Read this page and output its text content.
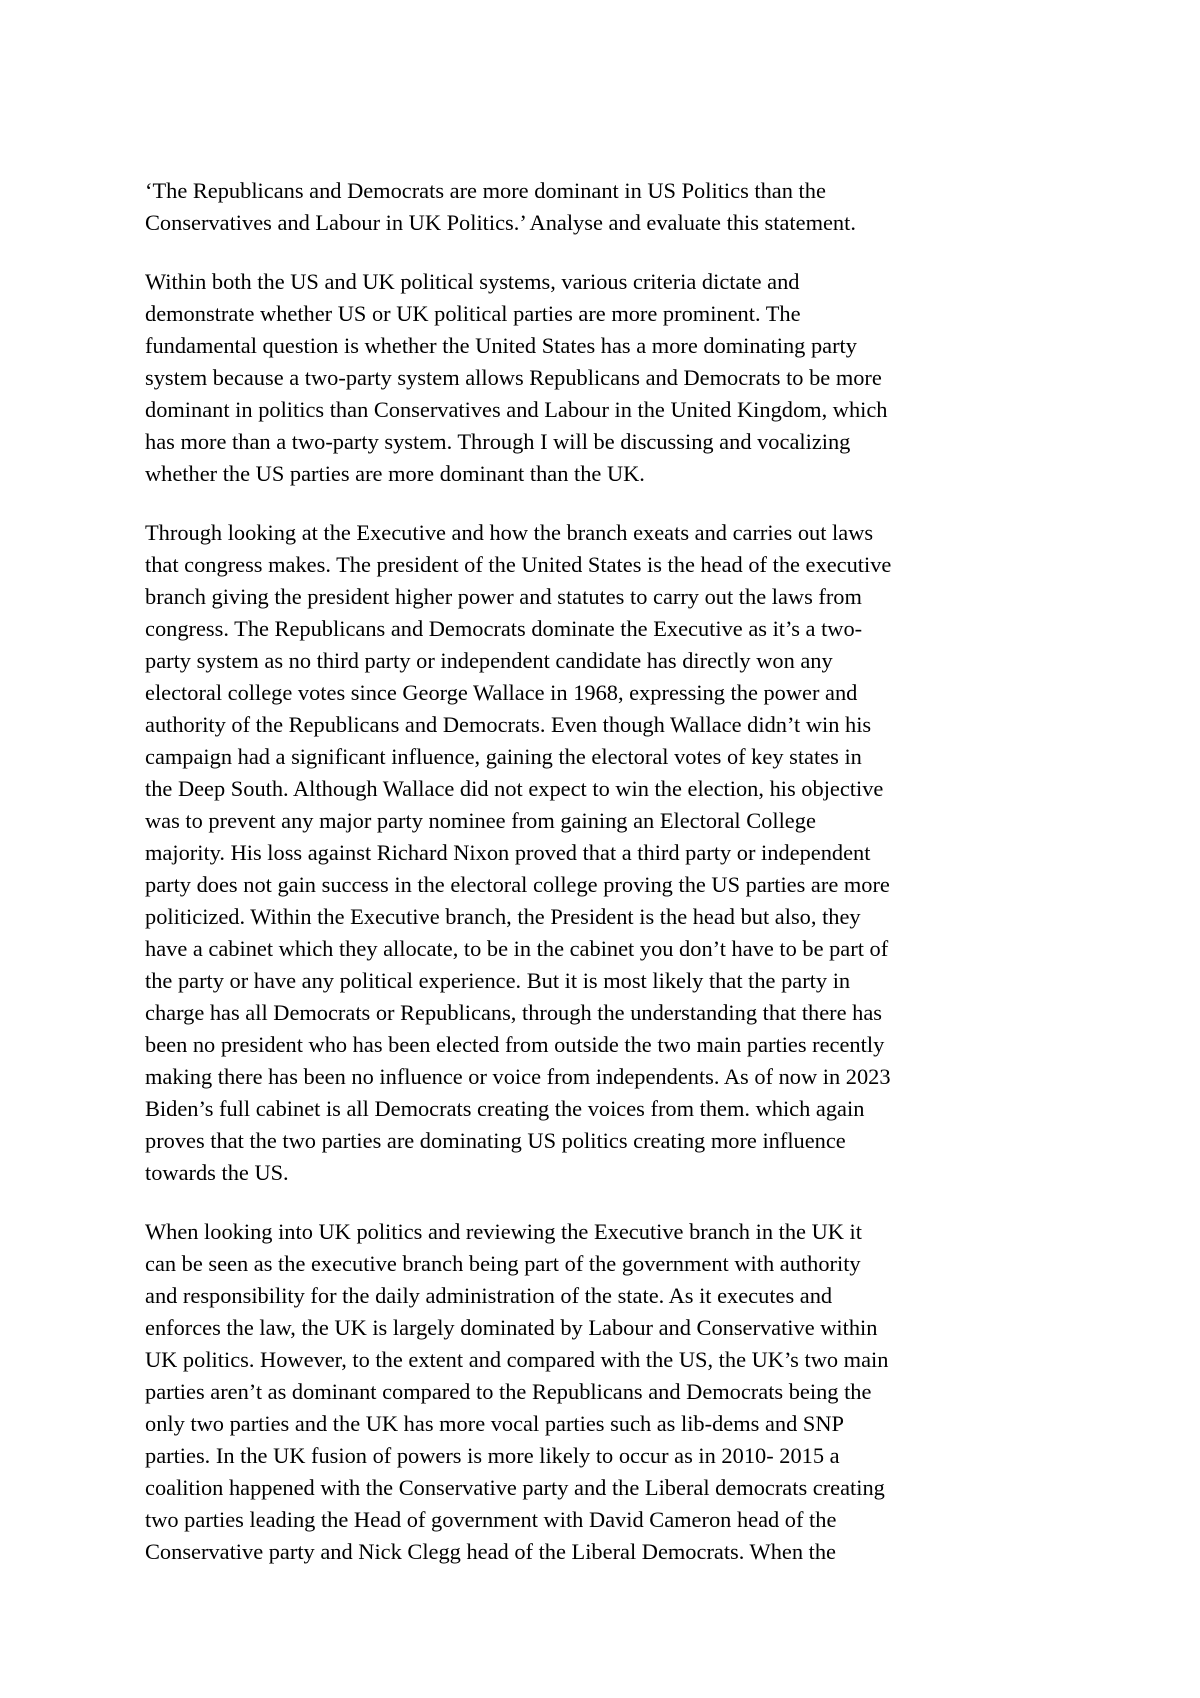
‘The Republicans and Democrats are more dominant in US Politics than the
Conservatives and Labour in UK Politics.’ Analyse and evaluate this statement.

Within both the US and UK political systems, various criteria dictate and
demonstrate whether US or UK political parties are more prominent. The
fundamental question is whether the United States has a more dominating party
system because a two-party system allows Republicans and Democrats to be more
dominant in politics than Conservatives and Labour in the United Kingdom, which
has more than a two-party system. Through I will be discussing and vocalizing
whether the US parties are more dominant than the UK.

Through looking at the Executive and how the branch exeats and carries out laws
that congress makes. The president of the United States is the head of the executive
branch giving the president higher power and statutes to carry out the laws from
congress. The Republicans and Democrats dominate the Executive as it’s a two-
party system as no third party or independent candidate has directly won any
electoral college votes since George Wallace in 1968, expressing the power and
authority of the Republicans and Democrats. Even though Wallace didn’t win his
campaign had a significant influence, gaining the electoral votes of key states in
the Deep South. Although Wallace did not expect to win the election, his objective
was to prevent any major party nominee from gaining an Electoral College
majority. His loss against Richard Nixon proved that a third party or independent
party does not gain success in the electoral college proving the US parties are more
politicized. Within the Executive branch, the President is the head but also, they
have a cabinet which they allocate, to be in the cabinet you don’t have to be part of
the party or have any political experience. But it is most likely that the party in
charge has all Democrats or Republicans, through the understanding that there has
been no president who has been elected from outside the two main parties recently
making there has been no influence or voice from independents. As of now in 2023
Biden’s full cabinet is all Democrats creating the voices from them. which again
proves that the two parties are dominating US politics creating more influence
towards the US.

When looking into UK politics and reviewing the Executive branch in the UK it
can be seen as the executive branch being part of the government with authority
and responsibility for the daily administration of the state. As it executes and
enforces the law, the UK is largely dominated by Labour and Conservative within
UK politics. However, to the extent and compared with the US, the UK’s two main
parties aren’t as dominant compared to the Republicans and Democrats being the
only two parties and the UK has more vocal parties such as lib-dems and SNP
parties. In the UK fusion of powers is more likely to occur as in 2010- 2015 a
coalition happened with the Conservative party and the Liberal democrats creating
two parties leading the Head of government with David Cameron head of the
Conservative party and Nick Clegg head of the Liberal Democrats. When the
